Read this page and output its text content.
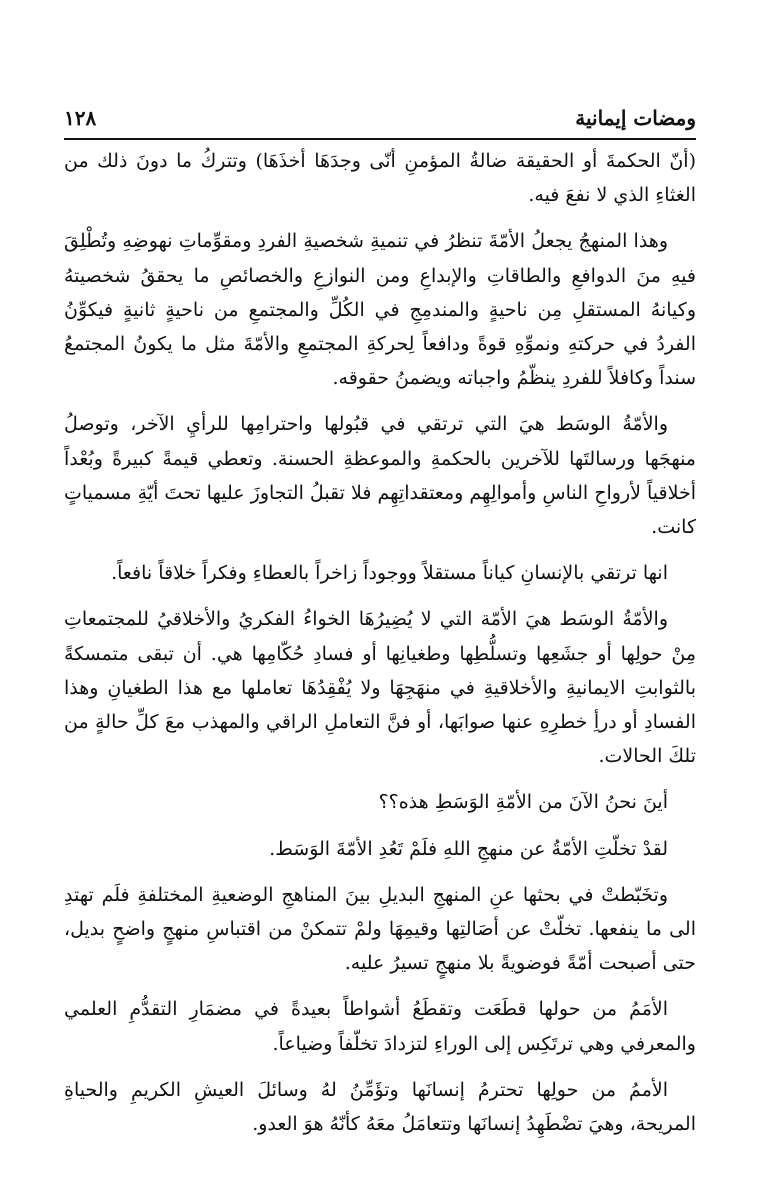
١٢٨	ومضات إيمانية

(أنّ الحكمةَ أو الحقيقة ضالةُ المؤمنِ أنّى وجدَهَا أخذَهَا) وتتركُ ما دونَ ذلك من الغثاءِ الذي لا نفعَ فيه.

وهذا المنهجُ يجعلُ الأمّةَ تنظرُ في تنميةِ شخصيةِ الفردِ ومقوِّماتِ نهوضِهِ وتُطْلِقَ فيهِ منَ الدوافعِ والطاقاتِ والإبداعِ ومن النوازعِ والخصائصِ ما يحققُ شخصيتهُ وكيانهُ المستقلِ مِن ناحيةٍ والمندمِجِ في الكُلِّ والمجتمعِ من ناحيةٍ ثانيةٍ فيكوِّنُ الفردُ في حركتهِ ونموِّهِ قوةً ودافعاً لِحركةِ المجتمعِ والأمّةَ مثل ما يكونُ المجتمعُ سنداً وكافلاً للفردِ ينظّمُ واجباته ويضمنُ حقوقه.

والأمّةُ الوسَط هيَ التي ترتقي في قبُولها واحترامِها للرأيِ الآخر، وتوصلُ منهجَها ورسالتَها للآخرين بالحكمةِ والموعظةِ الحسنة. وتعطي قيمةً كبيرةً وبُعْداً أخلاقياً لأرواحِ الناسِ وأموالِهِم ومعتقداتِهِم فلا تقبلُ التجاوزَ عليها تحتَ أيّةِ مسمياتٍ كانت.

انها ترتقي بالإنسانِ كياناً مستقلاً ووجوداً زاخراً بالعطاءِ وفكراً خلاقاً نافعاً.

والأمّةُ الوسَط هيَ الأمّة التي لا يُضِيرُهَا الخواءُ الفكريُ والأخلاقيُ للمجتمعاتِ مِنْ حولِها أو جشَعِها وتسلُّطِها وطغيانِها أو فسادِ حُكّامِها هي. أن تبقى متمسكةً بالثوابتِ الايمانيةِ والأخلاقيةِ في منهَجِهَا ولا يُفْقِدُهَا تعاملها مع هذا الطغيانِ وهذا الفسادِ أو درأِ خطرِهِ عنها صوابَها، أو فنَّ التعاملِ الراقي والمهذب معَ كلِّ حالةٍ من تلكَ الحالات.

أينَ نحنُ الآنَ من الأمّةِ الوَسَطِ هذه؟؟

لقدْ تخلّتِ الأمّةُ عن منهجِ اللهِ فلَمْ تَعُدِ الأمّةَ الوَسَط.

وتخَبّطتْ في بحثها عنِ المنهجِ البديلِ بينَ المناهجِ الوضعيةِ المختلفةِ فلَم تهتدِ الى ما ينفعها. تخلّتْ عن أصَالتِها وقيمِهَا ولمْ تتمكنْ من اقتباسِ منهجٍ واضحٍ بديل، حتى أصبحت أمّةً فوضويةً بلا منهجٍ تسيرُ عليه.

الأمَمُ من حولها قطَعَت وتقطَعُ أشواطاً بعيدةً في مضمَارِ التقدُّمِ العلمي والمعرفي وهي ترتَكِس إلى الوراءِ لتزدادَ تخلّفاً وضياعاً.

الأممُ من حولِها تحترمُ إنسانَها وتؤَمِّنُ لهُ وسائلَ العيشِ الكريمِ والحياةِ المريحة، وهيَ تضْطَهِدُ إنسانَها وتتعامَلُ معَهُ كأنّهُ هوَ العدو.
